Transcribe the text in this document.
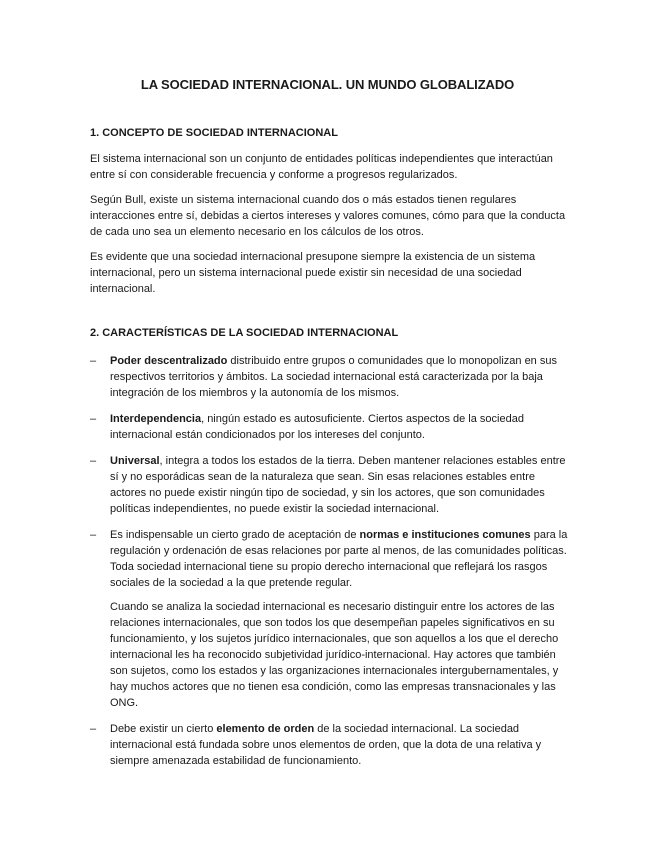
LA SOCIEDAD INTERNACIONAL. UN MUNDO GLOBALIZADO
1. CONCEPTO DE SOCIEDAD INTERNACIONAL

El sistema internacional son un conjunto de entidades políticas independientes que interactúan entre sí con considerable frecuencia y conforme a progresos regularizados.

Según Bull, existe un sistema internacional cuando dos o más estados tienen regulares interacciones entre sí, debidas a ciertos intereses y valores comunes, cómo para que la conducta de cada uno sea un elemento necesario en los cálculos de los otros.

Es evidente que una sociedad internacional presupone siempre la existencia de un sistema internacional, pero un sistema internacional puede existir sin necesidad de una sociedad internacional.

2. CARACTERÍSTICAS DE LA SOCIEDAD INTERNACIONAL
– Poder descentralizado distribuido entre grupos o comunidades que lo monopolizan en sus respectivos territorios y ámbitos. La sociedad internacional está caracterizada por la baja integración de los miembros y la autonomía de los mismos.
– Interdependencia, ningún estado es autosuficiente. Ciertos aspectos de la sociedad internacional están condicionados por los intereses del conjunto.
– Universal, integra a todos los estados de la tierra. Deben mantener relaciones estables entre sí y no esporádicas sean de la naturaleza que sean. Sin esas relaciones estables entre actores no puede existir ningún tipo de sociedad, y sin los actores, que son comunidades políticas independientes, no puede existir la sociedad internacional.
– Es indispensable un cierto grado de aceptación de normas e instituciones comunes para la regulación y ordenación de esas relaciones por parte al menos, de las comunidades políticas. Toda sociedad internacional tiene su propio derecho internacional que reflejará los rasgos sociales de la sociedad a la que pretende regular.
Cuando se analiza la sociedad internacional es necesario distinguir entre los actores de las relaciones internacionales, que son todos los que desempeñan papeles significativos en su funcionamiento, y los sujetos jurídico internacionales, que son aquellos a los que el derecho internacional les ha reconocido subjetividad jurídico-internacional. Hay actores que también son sujetos, como los estados y las organizaciones internacionales intergubernamentales, y hay muchos actores que no tienen esa condición, como las empresas transnacionales y las ONG.
– Debe existir un cierto elemento de orden de la sociedad internacional. La sociedad internacional está fundada sobre unos elementos de orden, que la dota de una relativa y siempre amenazada estabilidad de funcionamiento.
